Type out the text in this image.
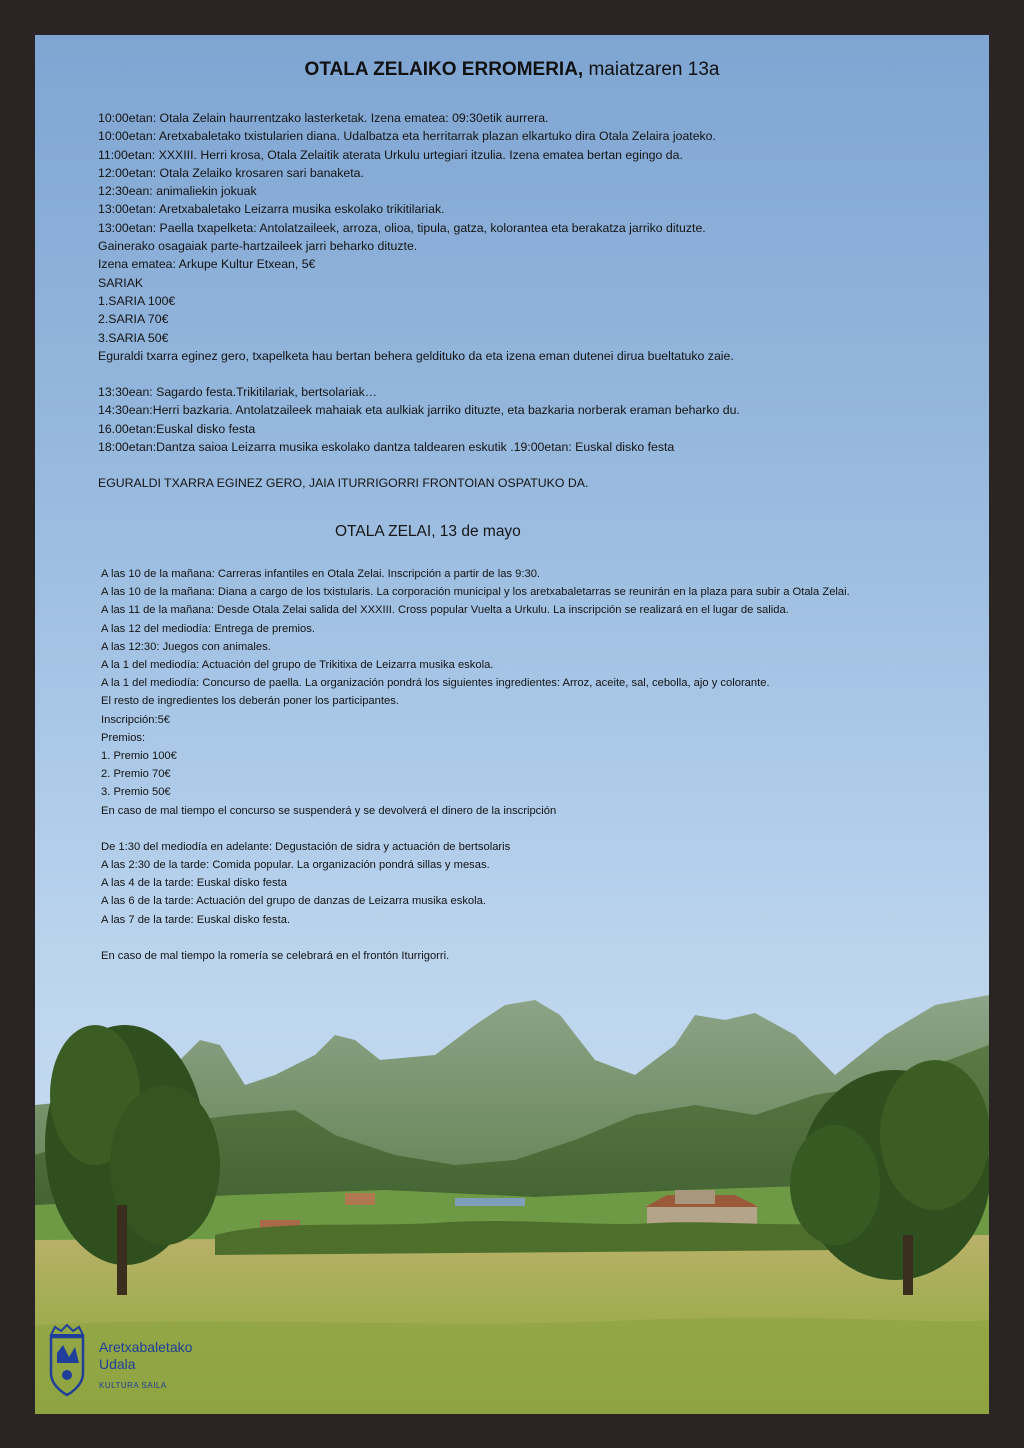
OTALA ZELAIKO ERROMERIA, maiatzaren 13a
10:00etan: Otala Zelain haurrentzako lasterketak. Izena ematea: 09:30etik aurrera.
10:00etan: Aretxabaletako txistularien diana. Udalbatza eta herritarrak plazan elkartuko dira Otala Zelaira joateko.
11:00etan: XXXIII. Herri krosa, Otala Zelaitik aterata Urkulu urtegiari itzulia. Izena ematea bertan egingo da.
12:00etan: Otala Zelaiko krosaren sari banaketa.
12:30ean: animaliekin jokuak
13:00etan: Aretxabaletako Leizarra musika eskolako trikitilariak.
13:00etan: Paella txapelketa: Antolatzaileek, arroza, olioa, tipula, gatza, kolorantea eta berakatza jarriko dituzte.
Gainerako osagaiak parte-hartzaileek jarri beharko dituzte.
Izena ematea: Arkupe Kultur Etxean, 5€
SARIAK
1.SARIA 100€
2.SARIA 70€
3.SARIA 50€
Eguraldi txarra eginez gero, txapelketa hau bertan behera geldituko da eta izena eman dutenei dirua bueltatuko zaie.
13:30ean: Sagardo festa.Trikitilariak, bertsolariak…
14:30ean:Herri bazkaria. Antolatzaileek mahaiak eta aulkiak jarriko dituzte, eta bazkaria norberak eraman beharko du.
16.00etan:Euskal disko festa
18:00etan:Dantza saioa Leizarra musika eskolako dantza taldearen eskutik .19:00etan: Euskal disko festa
EGURALDI TXARRA EGINEZ GERO, JAIA ITURRIGORRI FRONTOIAN OSPATUKO DA.
OTALA ZELAI, 13 de mayo
A las 10 de la mañana: Carreras infantiles en Otala Zelai. Inscripción a partir de las 9:30.
A las 10 de la mañana: Diana a cargo de los txistularis. La corporación municipal y los aretxabaletarras se reunirán en la plaza para subir a Otala Zelai.
A las 11 de la mañana: Desde Otala Zelai salida del XXXIII. Cross popular Vuelta a Urkulu. La inscripción se realizará en el lugar de salida.
A las 12 del mediodía: Entrega de premios.
A las 12:30: Juegos con animales.
A la 1 del mediodía: Actuación del grupo de Trikitixa de Leizarra musika eskola.
A la 1 del mediodía: Concurso de paella. La organización pondrá los siguientes ingredientes: Arroz, aceite, sal, cebolla, ajo y colorante.
El resto de ingredientes los deberán poner los participantes.
Inscripción:5€
Premios:
1. Premio 100€
2. Premio 70€
3. Premio 50€
En caso de mal tiempo el concurso se suspenderá y se devolverá el dinero de la inscripción
De 1:30 del mediodía en adelante: Degustación de sidra y actuación de bertsolaris
A las 2:30 de la tarde: Comida popular. La organización pondrá sillas y mesas.
A las 4 de la tarde: Euskal disko festa
A las 6 de la tarde: Actuación del grupo de danzas de Leizarra musika eskola.
A las 7 de la tarde: Euskal disko festa.
En caso de mal tiempo la romería se celebrará en el frontón Iturrigorri.
Aretxabaletako
Udala
KULTURA SAILA
